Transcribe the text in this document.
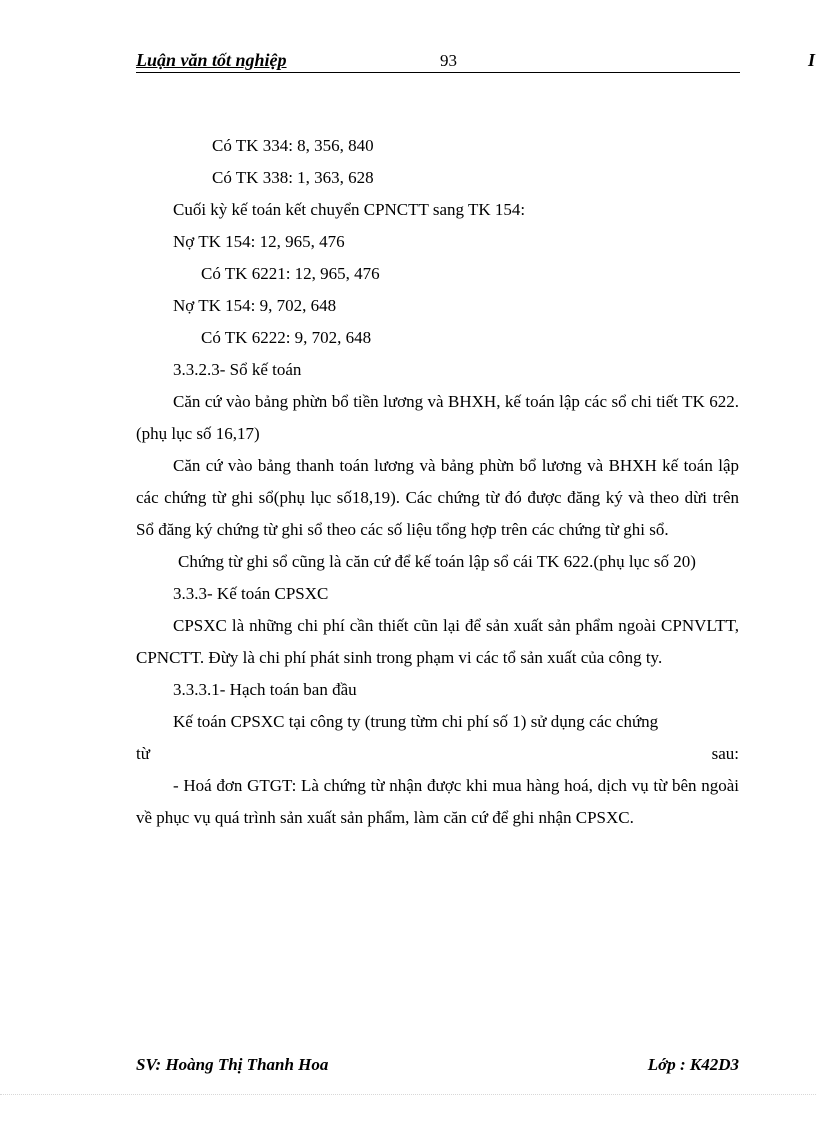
Luận văn tốt nghiệp	93	I

Có TK 334: 8, 356, 840

Có TK 338: 1, 363, 628

Cuối kỳ kế toán kết chuyển CPNCTT sang TK 154:

Nợ TK 154: 12, 965, 476

Có TK 6221: 12, 965, 476

Nợ TK 154: 9, 702, 648

Có TK 6222: 9, 702, 648

3.3.2.3- Sổ kế toán

Căn cứ vào bảng phừn bổ tiền lương và BHXH, kế toán lập các sổ chi tiết TK 622.(phụ lục số 16,17)

Căn cứ vào bảng thanh toán lương và bảng phừn bổ lương và BHXH kế toán lập các chứng từ ghi sổ(phụ lục số18,19). Các chứng từ đó được đăng ký và theo dừi trên Sổ đăng ký chứng từ ghi sổ theo các số liệu tổng hợp trên các chứng từ ghi sổ.

Chứng từ ghi sổ cũng là căn cứ để kế toán lập sổ cái TK 622.(phụ lục số 20)

3.3.3- Kế toán CPSXC

CPSXC là những chi phí cần thiết cũn lại để sản xuất sản phẩm ngoài CPNVLTT, CPNCTT. Đừy là chi phí phát sinh trong phạm vi các tổ sản xuất của công ty.

3.3.3.1- Hạch toán ban đầu

Kế toán CPSXC tại công ty (trung từm chi phí số 1) sử dụng các chứng

từ	sau:

- Hoá đơn GTGT: Là chứng từ nhận được khi mua hàng hoá, dịch vụ từ bên ngoài về phục vụ quá trình sản xuất sản phẩm, làm căn cứ để ghi nhận CPSXC.

SV: Hoàng Thị Thanh Hoa	Lớp : K42D3
